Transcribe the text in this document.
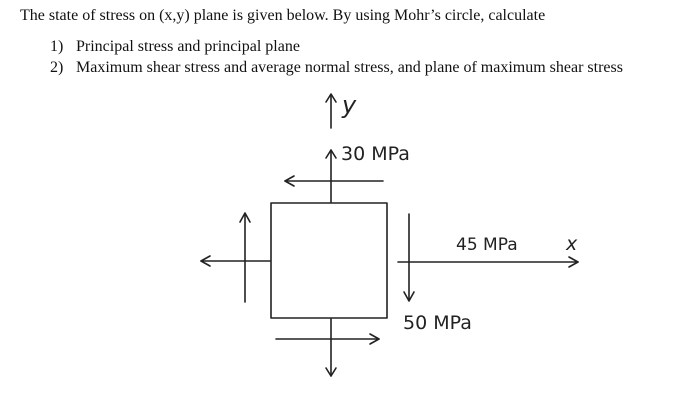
The state of stress on (x,y) plane is given below. By using Mohr’s circle, calculate
1) Principal stress and principal plane
2) Maximum shear stress and average normal stress, and plane of maximum shear stress
y
30 MPa
45 MPa	x
50 MPa
